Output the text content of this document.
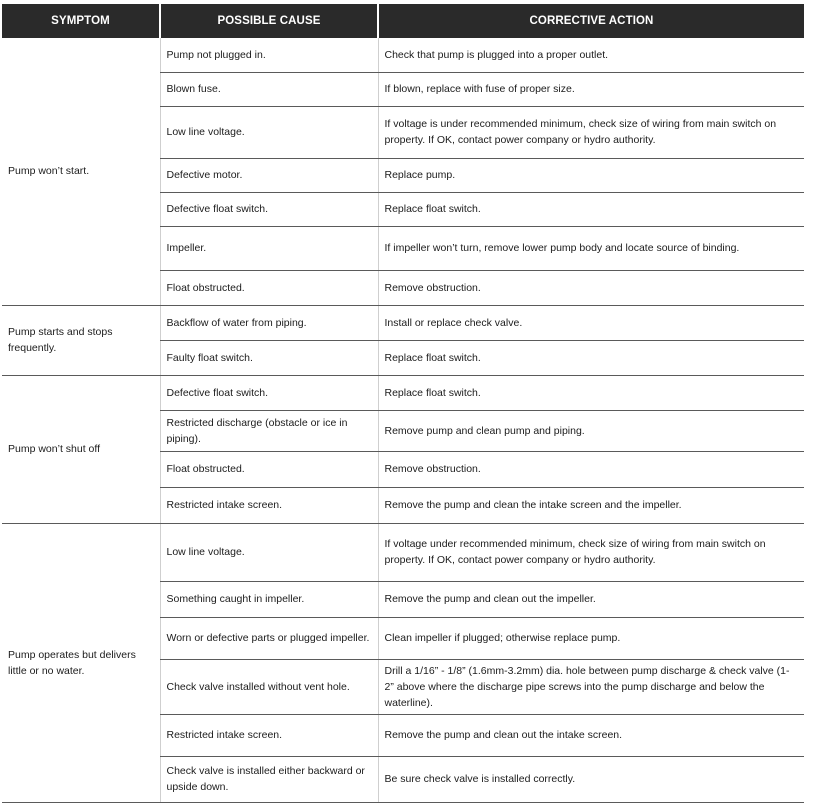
SYMPTOM	POSSIBLE CAUSE	CORRECTIVE ACTION
Pump won’t start.	Pump not plugged in.	Check that pump is plugged into a proper outlet.
	Blown fuse.	If blown, replace with fuse of proper size.
	Low line voltage.	If voltage is under recommended minimum, check size of wiring from main switch on property. If OK, contact power company or hydro authority.
	Defective motor.	Replace pump.
	Defective float switch.	Replace float switch.
	Impeller.	If impeller won’t turn, remove lower pump body and locate source of binding.
	Float obstructed.	Remove obstruction.
Pump starts and stops frequently.	Backflow of water from piping.	Install or replace check valve.
	Faulty float switch.	Replace float switch.
Pump won’t shut off	Defective float switch.	Replace float switch.
	Restricted discharge (obstacle or ice in piping).	Remove pump and clean pump and piping.
	Float obstructed.	Remove obstruction.
	Restricted intake screen.	Remove the pump and clean the intake screen and the impeller.
Pump operates but delivers little or no water.	Low line voltage.	If voltage under recommended minimum, check size of wiring from main switch on property. If OK, contact power company or hydro authority.
	Something caught in impeller.	Remove the pump and clean out the impeller.
	Worn or defective parts or plugged impeller.	Clean impeller if plugged; otherwise replace pump.
	Check valve installed without vent hole.	Drill a 1/16” - 1/8” (1.6mm-3.2mm) dia. hole between pump discharge & check valve (1-2” above where the discharge pipe screws into the pump discharge and below the waterline).
	Restricted intake screen.	Remove the pump and clean out the intake screen.
	Check valve is installed either backward or upside down.	Be sure check valve is installed correctly.
